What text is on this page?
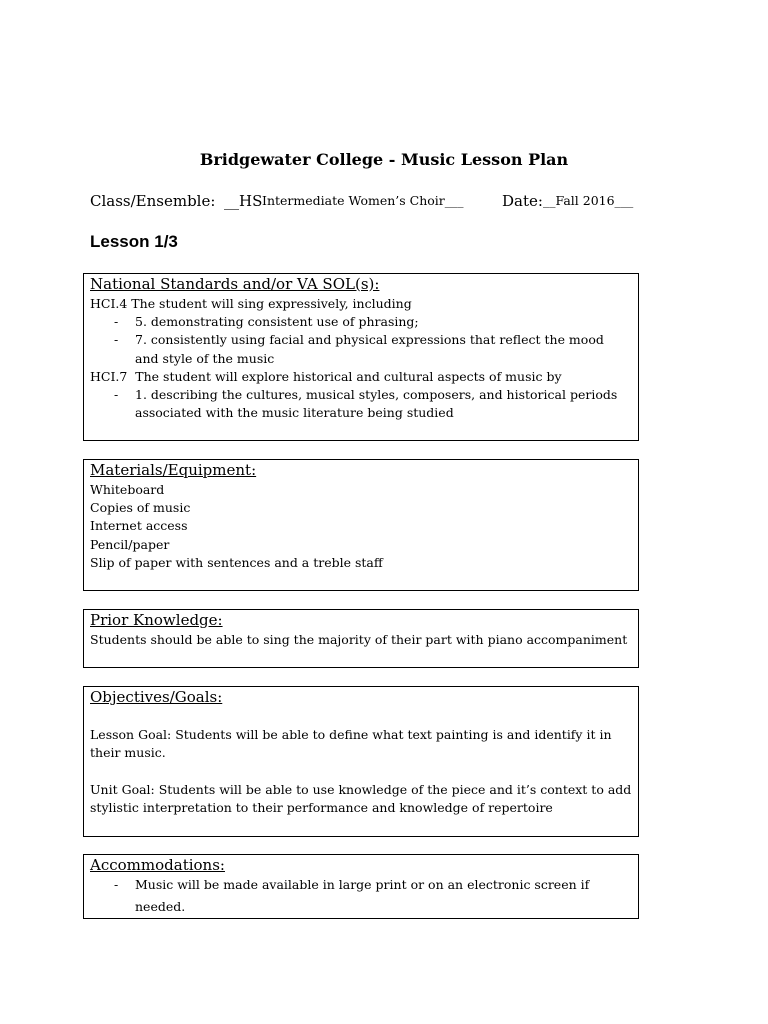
Bridgewater College - Music Lesson Plan
Class/Ensemble: __HS Intermediate Women’s Choir___	Date: __Fall 2016___
Lesson 1/3
National Standards and/or VA SOL(s):
HCI.4 The student will sing expressively, including
- 5. demonstrating consistent use of phrasing;
- 7. consistently using facial and physical expressions that reflect the mood
and style of the music
HCI.7  The student will explore historical and cultural aspects of music by
- 1. describing the cultures, musical styles, composers, and historical periods
associated with the music literature being studied
Materials/Equipment:
Whiteboard
Copies of music
Internet access
Pencil/paper
Slip of paper with sentences and a treble staff
Prior Knowledge:
Students should be able to sing the majority of their part with piano accompaniment
Objectives/Goals:
Lesson Goal: Students will be able to define what text painting is and identify it in
their music.
Unit Goal: Students will be able to use knowledge of the piece and it’s context to add
stylistic interpretation to their performance and knowledge of repertoire
Accommodations:
- Music will be made available in large print or on an electronic screen if
needed.
